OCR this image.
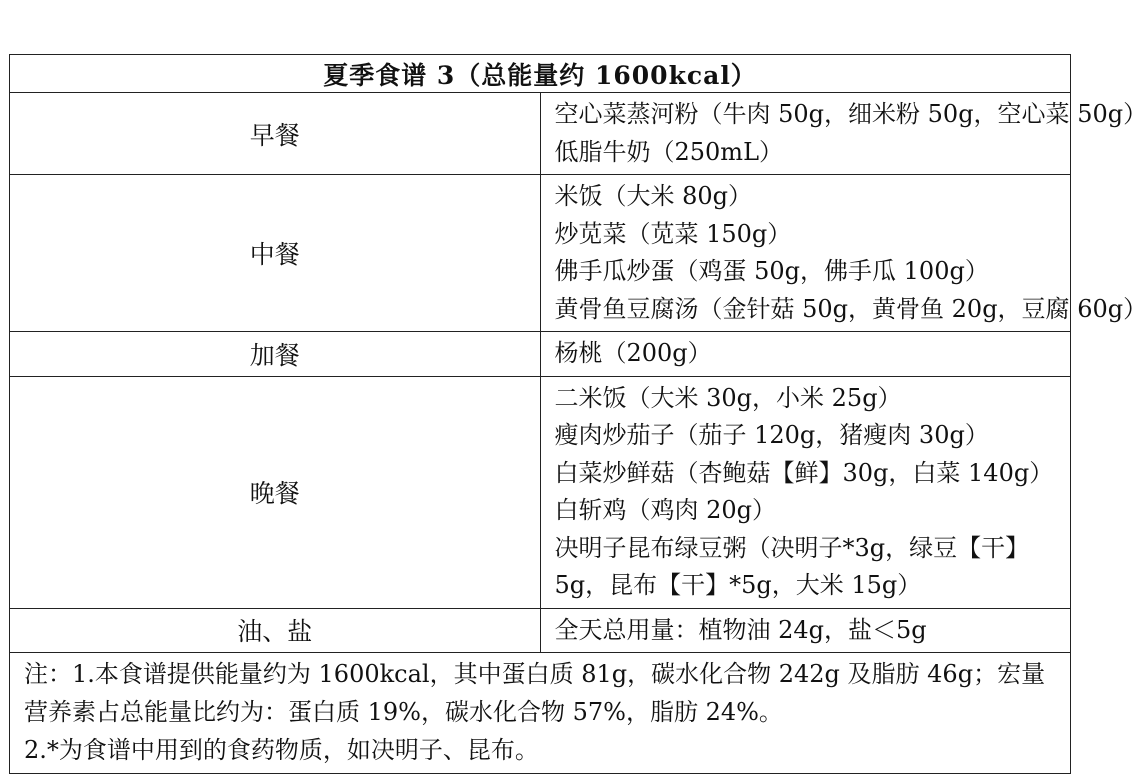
夏季食谱 3（总能量约 1600kcal）	
早餐	空心菜蒸河粉（牛肉 50g，细米粉 50g，空心菜 50g）
低脂牛奶（250mL）

中餐	米饭（大米 80g）
炒苋菜（苋菜 150g）
佛手瓜炒蛋（鸡蛋 50g，佛手瓜 100g）
黄骨鱼豆腐汤（金针菇 50g，黄骨鱼 20g，豆腐 60g）

加餐	杨桃（200g）

晚餐	二米饭（大米 30g，小米 25g）
瘦肉炒茄子（茄子 120g，猪瘦肉 30g）
白菜炒鲜菇（杏鲍菇【鲜】30g，白菜 140g）
白斩鸡（鸡肉 20g）
决明子昆布绿豆粥（决明子*3g，绿豆【干】5g，昆布【干】*5g，大米 15g）

油、盐	全天总用量：植物油 24g，盐＜5g

注：1.本食谱提供能量约为 1600kcal，其中蛋白质 81g，碳水化合物 242g 及脂肪 46g；宏量营养素占总能量比约为：蛋白质 19%，碳水化合物 57%，脂肪 24%。
2.*为食谱中用到的食药物质，如决明子、昆布。	
